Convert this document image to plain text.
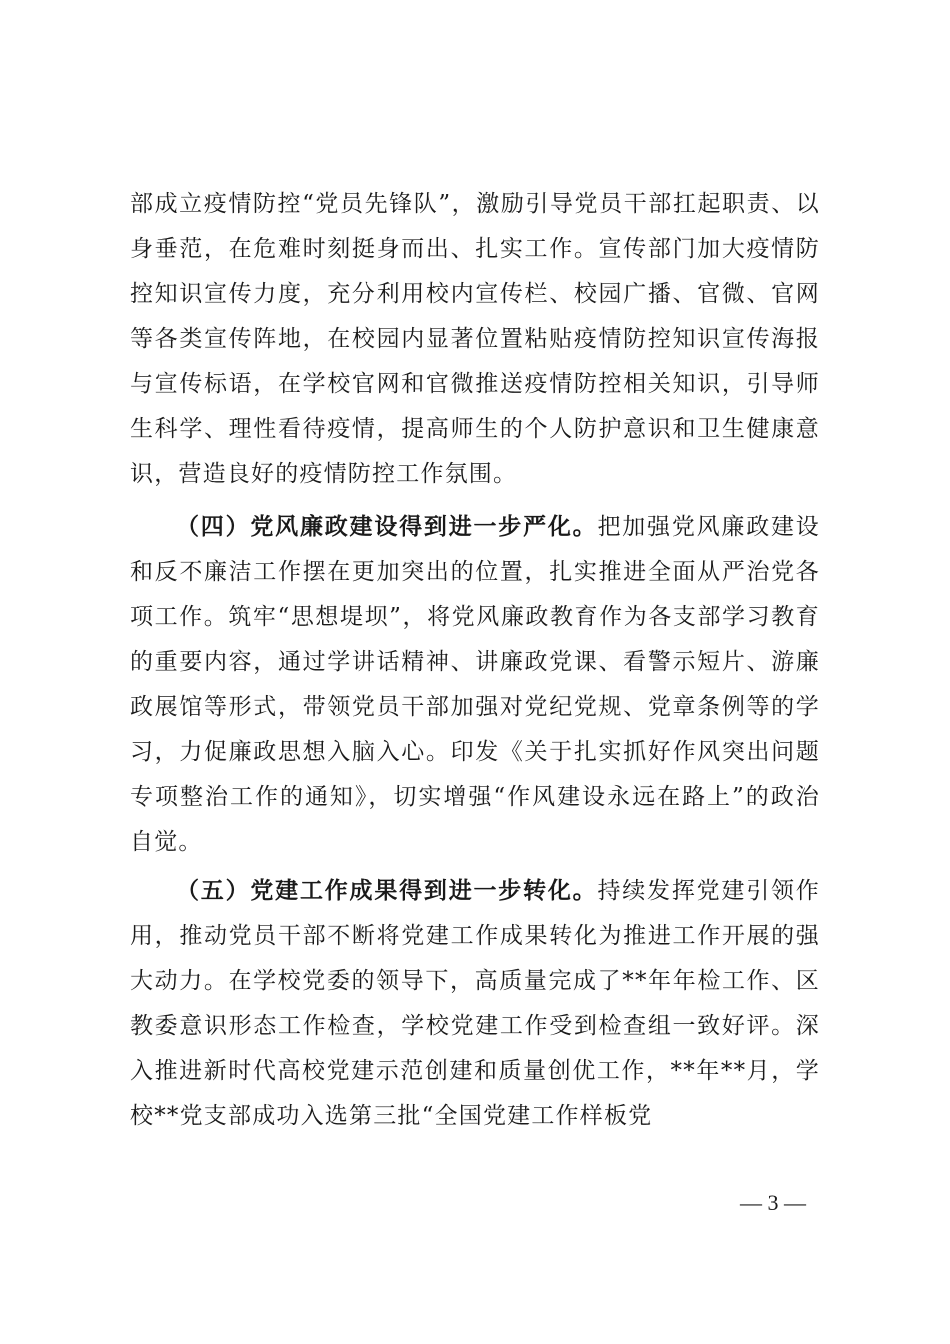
部成立疫情防控“党员先锋队”，激励引导党员干部扛起职责、以身垂范，在危难时刻挺身而出、扎实工作。宣传部门加大疫情防控知识宣传力度，充分利用校内宣传栏、校园广播、官微、官网等各类宣传阵地，在校园内显著位置粘贴疫情防控知识宣传海报与宣传标语，在学校官网和官微推送疫情防控相关知识，引导师生科学、理性看待疫情，提高师生的个人防护意识和卫生健康意识，营造良好的疫情防控工作氛围。

（四）党风廉政建设得到进一步严化。把加强党风廉政建设和反不廉洁工作摆在更加突出的位置，扎实推进全面从严治党各项工作。筑牢“思想堤坝”，将党风廉政教育作为各支部学习教育的重要内容，通过学讲话精神、讲廉政党课、看警示短片、游廉政展馆等形式，带领党员干部加强对党纪党规、党章条例等的学习，力促廉政思想入脑入心。印发《关于扎实抓好作风突出问题专项整治工作的通知》，切实增强“作风建设永远在路上”的政治自觉。

（五）党建工作成果得到进一步转化。持续发挥党建引领作用，推动党员干部不断将党建工作成果转化为推进工作开展的强大动力。在学校党委的领导下，高质量完成了**年年检工作、区教委意识形态工作检查，学校党建工作受到检查组一致好评。深入推进新时代高校党建示范创建和质量创优工作，**年**月，学校**党支部成功入选第三批“全国党建工作样板党

— 3 —
